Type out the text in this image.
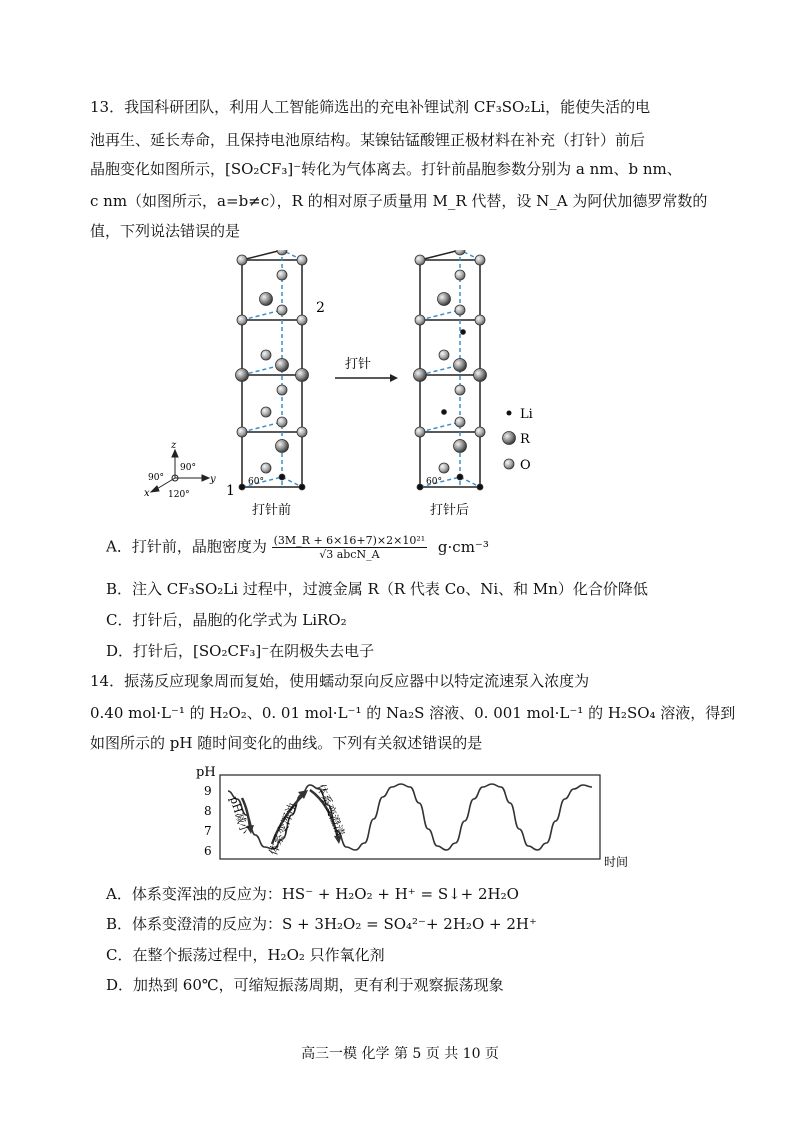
13．我国科研团队，利用人工智能筛选出的充电补锂试剂 CF₃SO₂Li，能使失活的电
池再生、延长寿命，且保持电池原结构。某镍钴锰酸锂正极材料在补充（打针）前后
晶胞变化如图所示，[SO₂CF₃]⁻转化为气体离去。打针前晶胞参数分别为 a nm、b nm、
c nm（如图所示，a=b≠c），R 的相对原子质量用 M_R 代替，设 N_A 为阿伏加德罗常数的
值，下列说法错误的是
2
1
60°	60°
打针
z
y
x
90°
90°
120°
打针前	打针后
Li
R
O
A．打针前，晶胞密度为 $\frac{\text{(3M\_R + 6×16+7)×2×10²¹}}{\text{√3 abcN\_A}} g\cdot cm^{-3}$
B．注入 CF₃SO₂Li 过程中，过渡金属 R（R 代表 Co、Ni、和 Mn）化合价降低
C．打针后，晶胞的化学式为 LiRO₂
D．打针后，[SO₂CF₃]⁻在阴极失去电子
14．振荡反应现象周而复始，使用蠕动泵向反应器中以特定流速泵入浓度为
0.40 mol·L⁻¹ 的 H₂O₂、0. 01 mol·L⁻¹ 的 Na₂S 溶液、0. 001 mol·L⁻¹ 的 H₂SO₄ 溶液，得到
如图所示的 pH 随时间变化的曲线。下列有关叙述错误的是
pH
时间
6
7
8
9
pH减小 体系变浑浊 体系变澄清
A．体系变浑浊的反应为：HS⁻ + H₂O₂ + H⁺ = S↓+ 2H₂O
B．体系变澄清的反应为：S + 3H₂O₂ = SO₄²⁻+ 2H₂O + 2H⁺
C．在整个振荡过程中，H₂O₂ 只作氧化剂
D．加热到 60℃，可缩短振荡周期，更有利于观察振荡现象
高三一模 化学 第 5 页 共 10 页
